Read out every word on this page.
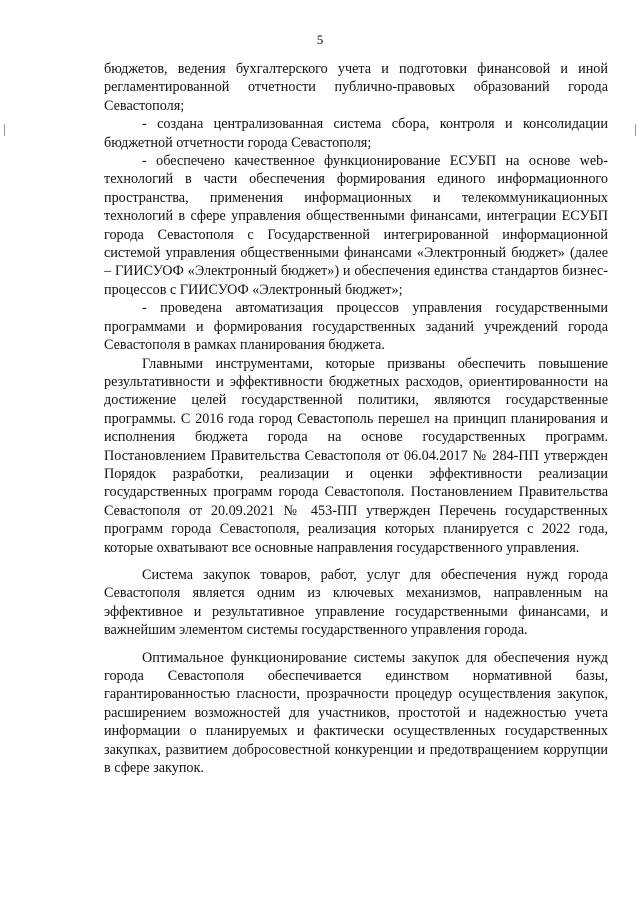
5

бюджетов, ведения бухгалтерского учета и подготовки финансовой и иной регламентированной отчетности публично-правовых образований города Севастополя;

- создана централизованная система сбора, контроля и консолидации бюджетной отчетности города Севастополя;

- обеспечено качественное функционирование ЕСУБП на основе web-технологий в части обеспечения формирования единого информационного пространства, применения информационных и телекоммуникационных технологий в сфере управления общественными финансами, интеграции ЕСУБП города Севастополя с Государственной интегрированной информационной системой управления общественными финансами «Электронный бюджет» (далее – ГИИСУОФ «Электронный бюджет») и обеспечения единства стандартов бизнес-процессов с ГИИСУОФ «Электронный бюджет»;

- проведена автоматизация процессов управления государственными программами и формирования государственных заданий учреждений города Севастополя в рамках планирования бюджета.

Главными инструментами, которые призваны обеспечить повышение результативности и эффективности бюджетных расходов, ориентированности на достижение целей государственной политики, являются государственные программы. С 2016 года город Севастополь перешел на принцип планирования и исполнения бюджета города на основе государственных программ. Постановлением Правительства Севастополя от 06.04.2017 № 284-ПП утвержден Порядок разработки, реализации и оценки эффективности реализации государственных программ города Севастополя. Постановлением Правительства Севастополя от 20.09.2021 № 453-ПП утвержден Перечень государственных программ города Севастополя, реализация которых планируется с 2022 года, которые охватывают все основные направления государственного управления.

Система закупок товаров, работ, услуг для обеспечения нужд города Севастополя является одним из ключевых механизмов, направленным на эффективное и результативное управление государственными финансами, и важнейшим элементом системы государственного управления города.

Оптимальное функционирование системы закупок для обеспечения нужд города Севастополя обеспечивается единством нормативной базы, гарантированностью гласности, прозрачности процедур осуществления закупок, расширением возможностей для участников, простотой и надежностью учета информации о планируемых и фактически осуществленных государственных закупках, развитием добросовестной конкуренции и предотвращением коррупции в сфере закупок.
